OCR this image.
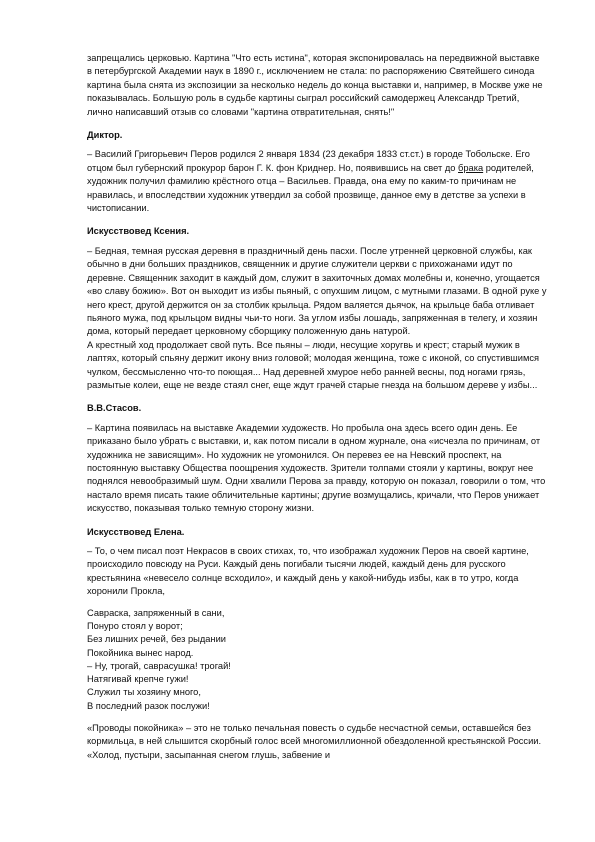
запрещались церковью. Картина "Что есть истина", которая экспонировалась на передвижной выставке в петербургской Академии наук в 1890 г., исключением не стала: по распоряжению Святейшего синода картина была снята из экспозиции за несколько недель до конца выставки и, например, в Москве уже не показывалась. Большую роль в судьбе картины сыграл российский самодержец Александр Третий, лично написавший отзыв со словами "картина отвратительная, снять!"

Диктор.

– Василий Григорьевич Перов родился 2 января 1834 (23 декабря 1833 ст.ст.) в городе Тобольске. Его отцом был губернский прокурор барон Г. К. фон Криднер. Но, появившись на свет до брака родителей, художник получил фамилию крёстного отца – Васильев. Правда, она ему по каким-то причинам не нравилась, и впоследствии художник утвердил за собой прозвище, данное ему в детстве за успехи в чистописании.

Искусствовед Ксения.

– Бедная, темная русская деревня в праздничный день пасхи. После утренней церковной службы, как обычно в дни больших праздников, священник и другие служители церкви с прихожанами идут по деревне. Священник заходит в каждый дом, служит в захиточных домах молебны и, конечно, угощается «во славу божию». Вот он выходит из избы пьяный, с опухшим лицом, с мутными глазами. В одной руке у него крест, другой держится он за столбик крыльца. Рядом валяется дьячок, на крыльце баба отливает пьяного мужа, под крыльцом видны чьи-то ноги. За углом избы лошадь, запряженная в телегу, и хозяин дома, который передает церковному сборщику положенную дань натурой.

А крестный ход продолжает свой путь. Все пьяны – люди, несущие хоругвь и крест; старый мужик в лаптях, который спьяну держит икону вниз головой; молодая женщина, тоже с иконой, со спустившимся чулком, бессмысленно что-то поющая... Над деревней хмурое небо ранней весны, под ногами грязь, размытые колеи, еще не везде стаял снег, еще ждут грачей старые гнезда на большом дереве у избы...

В.В.Стасов.

– Картина появилась на выставке Академии художеств. Но пробыла она здесь всего один день. Ее приказано было убрать с выставки, и, как потом писали в одном журнале, она «исчезла по причинам, от художника не зависящим». Но художник не угомонился. Он перевез ее на Невский проспект, на постоянную выставку Общества поощрения художеств. Зрители толпами стояли у картины, вокруг нее поднялся невообразимый шум. Одни хвалили Перова за правду, которую он показал, говорили о том, что настало время писать такие обличительные картины; другие возмущались, кричали, что Перов унижает искусство, показывая только темную сторону жизни.

Искусствовед Елена.

– То, о чем писал поэт Некрасов в своих стихах, то, что изображал художник Перов на своей картине, происходило повсюду на Руси. Каждый день погибали тысячи людей, каждый день для русского крестьянина «невесело солнце всходило», и каждый день у какой-нибудь избы, как в то утро, когда хоронили Прокла,

Савраска, запряженный в сани,
Понуро стоял у ворот;
Без лишних речей, без рыдании
Покойника вынес народ.
– Ну, трогай, саврасушка! трогай!
Натягивай крепче гужи!
Служил ты хозяину много,
В последний разок послужи!

«Проводы покойника» – это не только печальная повесть о судьбе несчастной семьи, оставшейся без кормильца, в ней слышится скорбный голос всей многомиллионной обездоленной крестьянской России. «Холод, пустыри, засыпанная снегом глушь, забвение и
